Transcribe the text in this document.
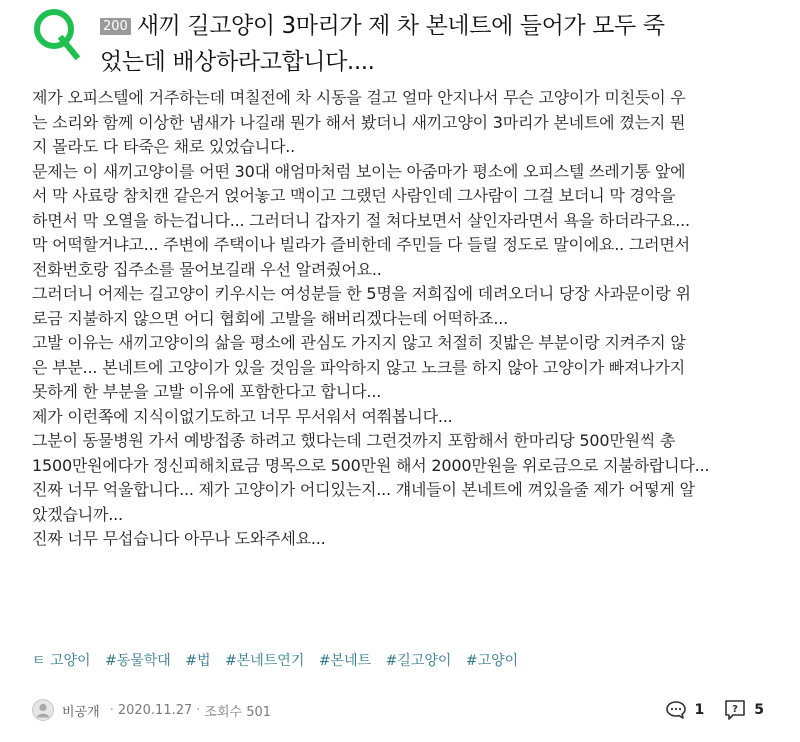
200 새끼 길고양이 3마리가 제 차 본네트에 들어가 모두 죽
었는데 배상하라고합니다....

제가 오피스텔에 거주하는데 며칠전에 차 시동을 걸고 얼마 안지나서 무슨 고양이가 미친듯이 우

는 소리와 함께 이상한 냄새가 나길래 뭔가 해서 봤더니 새끼고양이 3마리가 본네트에 꼈는지 뭔

지 몰라도 다 타죽은 채로 있었습니다..

문제는 이 새끼고양이를 어떤 30대 애엄마처럼 보이는 아줌마가 평소에 오피스텔 쓰레기통 앞에

서 막 사료랑 참치캔 같은거 얹어놓고 맥이고 그랬던 사람인데 그사람이 그걸 보더니 막 경악을

하면서 막 오열을 하는겁니다... 그러더니 갑자기 절 쳐다보면서 살인자라면서 욕을 하더라구요...

막 어떡할거냐고... 주변에 주택이나 빌라가 즐비한데 주민들 다 들릴 정도로 말이에요.. 그러면서

전화번호랑 집주소를 물어보길래 우선 알려줬어요..

그러더니 어제는 길고양이 키우시는 여성분들 한 5명을 저희집에 데려오더니 당장 사과문이랑 위

로금 지불하지 않으면 어디 협회에 고발을 해버리겠다는데 어떡하죠...

고발 이유는 새끼고양이의 삶을 평소에 관심도 가지지 않고 처절히 짓밟은 부분이랑 지켜주지 않

은 부분... 본네트에 고양이가 있을 것임을 파악하지 않고 노크를 하지 않아 고양이가 빠져나가지

못하게 한 부분을 고발 이유에 포함한다고 합니다...

제가 이런쪽에 지식이없기도하고 너무 무서워서 여쭤봅니다...

그분이 동물병원 가서 예방접종 하려고 했다는데 그런것까지 포함해서 한마리당 500만원씩 총

1500만원에다가 정신피해치료금 명목으로 500만원 해서 2000만원을 위로금으로 지불하랍니다...

진짜 너무 억울합니다... 제가 고양이가 어디있는지... 걔네들이 본네트에 껴있을줄 제가 어떻게 알

았겠습니까...

진짜 너무 무섭습니다 아무나 도와주세요...

ㅌ 고양이 #동물학대 #법 #본네트연기 #본네트 #길고양이 #고양이
비공개 · 2020.11.27 · 조회수 501	1	? 5
